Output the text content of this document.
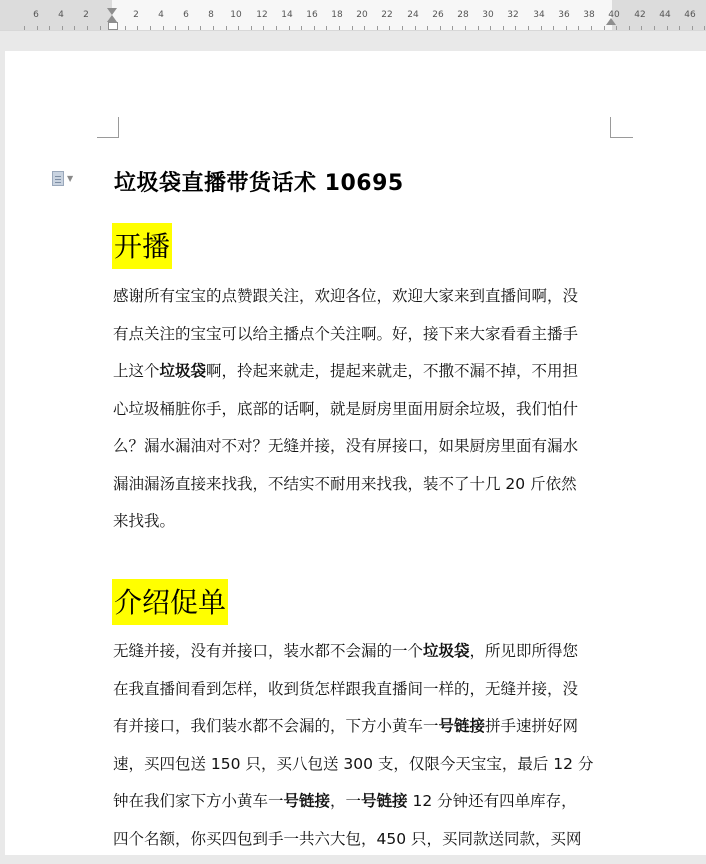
6 4 2	2 4 6 8 10 12 14 16 18 20 22 24 26 28 30 32 34 36 38 40 42 44 46
▼ 垃圾袋直播带货话术 10695
开播
感谢所有宝宝的点赞跟关注，欢迎各位，欢迎大家来到直播间啊，没
有点关注的宝宝可以给主播点个关注啊。好，接下来大家看看主播手
上这个垃圾袋啊，拎起来就走，提起来就走，不撒不漏不掉，不用担
心垃圾桶脏你手，底部的话啊，就是厨房里面用厨余垃圾，我们怕什
么？漏水漏油对不对？无缝并接，没有屏接口，如果厨房里面有漏水
漏油漏汤直接来找我，不结实不耐用来找我，装不了十几 20 斤依然
来找我。
介绍促单
无缝并接，没有并接口，装水都不会漏的一个垃圾袋，所见即所得您
在我直播间看到怎样，收到货怎样跟我直播间一样的，无缝并接，没
有并接口，我们装水都不会漏的，下方小黄车一号链接拼手速拼好网
速，买四包送 150 只，买八包送 300 支，仅限今天宝宝，最后 12 分
钟在我们家下方小黄车一号链接，一号链接 12 分钟还有四单库存，
四个名额，你买四包到手一共六大包，450 只，买同款送同款，买网
